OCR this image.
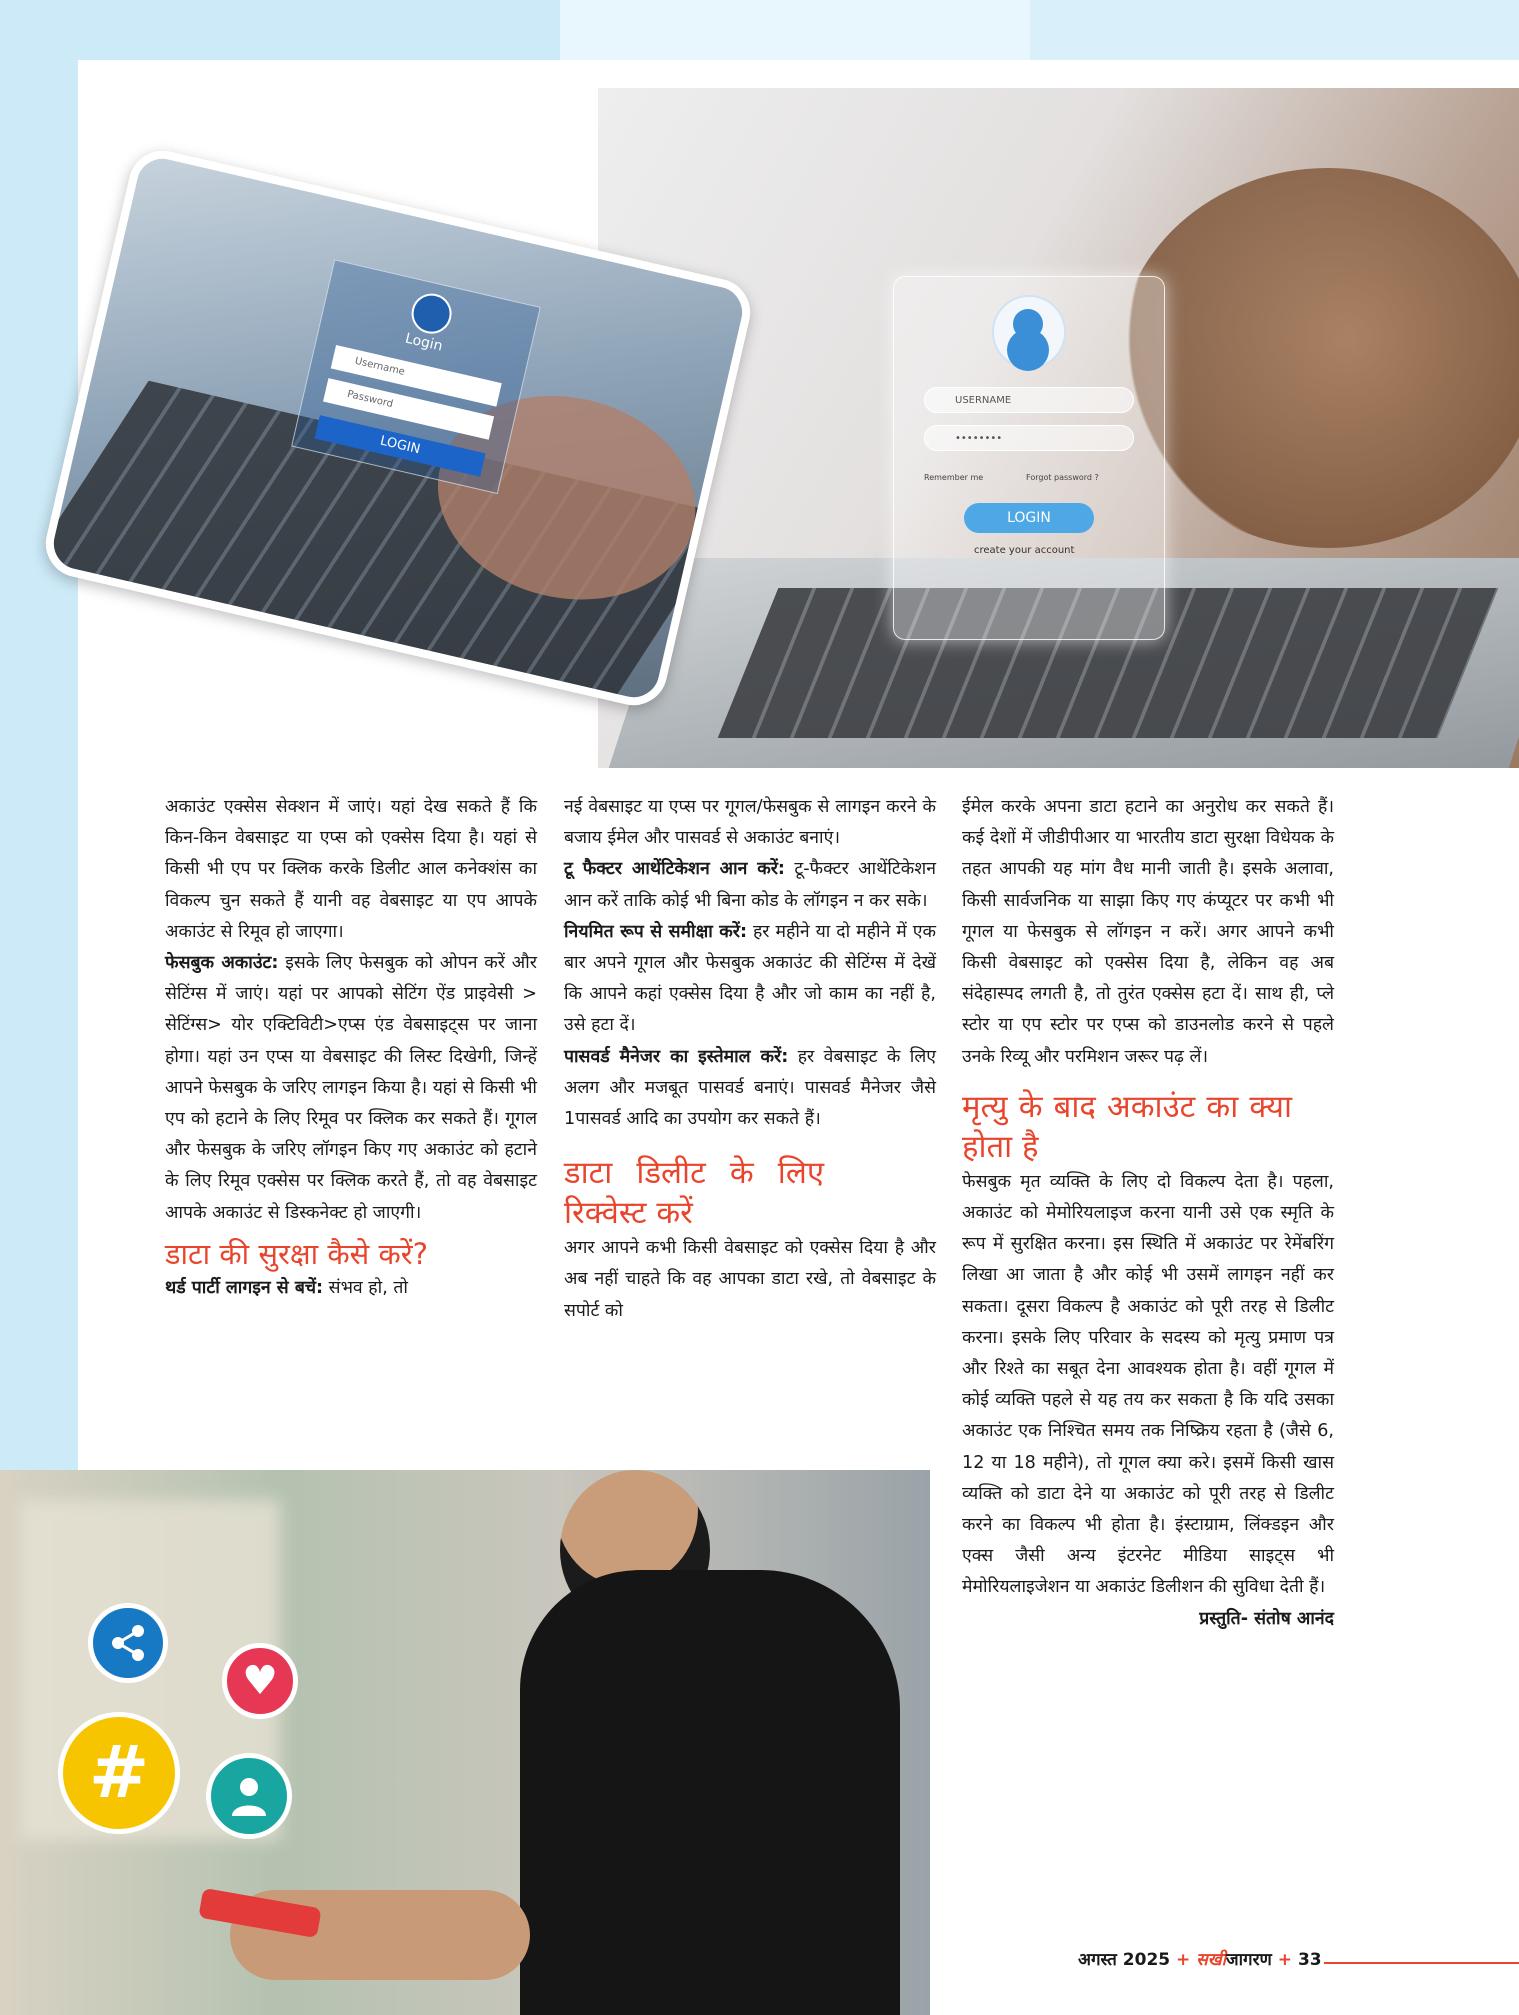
USERNAME
••••••••
Remember me	Forgot password ?
LOGIN
create your account
Login
Username
Password
LOGIN

अकाउंट एक्सेस सेक्शन में जाएं। यहां देख सकते हैं कि किन-किन वेबसाइट या एप्स को एक्सेस दिया है। यहां से किसी भी एप पर क्लिक करके डिलीट आल कनेक्शंस का विकल्प चुन सकते हैं यानी वह वेबसाइट या एप आपके अकाउंट से रिमूव हो जाएगा।

फेसबुक अकाउंट: इसके लिए फेसबुक को ओपन करें और सेटिंग्स में जाएं। यहां पर आपको सेटिंग ऐंड प्राइवेसी > सेटिंग्स> योर एक्टिविटी>एप्स एंड वेबसाइट्स पर जाना होगा। यहां उन एप्स या वेबसाइट की लिस्ट दिखेगी, जिन्हें आपने फेसबुक के जरिए लागइन किया है। यहां से किसी भी एप को हटाने के लिए रिमूव पर क्लिक कर सकते हैं। गूगल और फेसबुक के जरिए लॉगइन किए गए अकाउंट को हटाने के लिए रिमूव एक्सेस पर क्लिक करते हैं, तो वह वेबसाइट आपके अकाउंट से डिस्कनेक्ट हो जाएगी।

डाटा की सुरक्षा कैसे करें?

थर्ड पार्टी लागइन से बचें: संभव हो, तो

नई वेबसाइट या एप्स पर गूगल/फेसबुक से लागइन करने के बजाय ईमेल और पासवर्ड से अकाउंट बनाएं।

टू फैक्टर आथेंटिकेशन आन करें: टू-फैक्टर आथेंटिकेशन आन करें ताकि कोई भी बिना कोड के लॉगइन न कर सके।

नियमित रूप से समीक्षा करें: हर महीने या दो महीने में एक बार अपने गूगल और फेसबुक अकाउंट की सेटिंग्स में देखें कि आपने कहां एक्सेस दिया है और जो काम का नहीं है, उसे हटा दें।

पासवर्ड मैनेजर का इस्तेमाल करें: हर वेबसाइट के लिए अलग और मजबूत पासवर्ड बनाएं। पासवर्ड मैनेजर जैसे 1पासवर्ड आदि का उपयोग कर सकते हैं।

डाटा डिलीट के लिए रिक्वेस्ट करें

अगर आपने कभी किसी वेबसाइट को एक्सेस दिया है और अब नहीं चाहते कि वह आपका डाटा रखे, तो वेबसाइट के सपोर्ट को

ईमेल करके अपना डाटा हटाने का अनुरोध कर सकते हैं। कई देशों में जीडीपीआर या भारतीय डाटा सुरक्षा विधेयक के तहत आपकी यह मांग वैध मानी जाती है। इसके अलावा, किसी सार्वजनिक या साझा किए गए कंप्यूटर पर कभी भी गूगल या फेसबुक से लॉगइन न करें। अगर आपने कभी किसी वेबसाइट को एक्सेस दिया है, लेकिन वह अब संदेहास्पद लगती है, तो तुरंत एक्सेस हटा दें। साथ ही, प्ले स्टोर या एप स्टोर पर एप्स को डाउनलोड करने से पहले उनके रिव्यू और परमिशन जरूर पढ़ लें।

मृत्यु के बाद अकाउंट का क्या होता है

फेसबुक मृत व्यक्ति के लिए दो विकल्प देता है। पहला, अकाउंट को मेमोरियलाइज करना यानी उसे एक स्मृति के रूप में सुरक्षित करना। इस स्थिति में अकाउंट पर रेमेंबरिंग लिखा आ जाता है और कोई भी उसमें लागइन नहीं कर सकता। दूसरा विकल्प है अकाउंट को पूरी तरह से डिलीट करना। इसके लिए परिवार के सदस्य को मृत्यु प्रमाण पत्र और रिश्ते का सबूत देना आवश्यक होता है। वहीं गूगल में कोई व्यक्ति पहले से यह तय कर सकता है कि यदि उसका अकाउंट एक निश्चित समय तक निष्क्रिय रहता है (जैसे 6, 12 या 18 महीने), तो गूगल क्या करे। इसमें किसी खास व्यक्ति को डाटा देने या अकाउंट को पूरी तरह से डिलीट करने का विकल्प भी होता है। इंस्टाग्राम, लिंक्डइन और एक्स जैसी अन्य इंटरनेट मीडिया साइट्स भी मेमोरियलाइजेशन या अकाउंट डिलीशन की सुविधा देती हैं।

प्रस्तुति- संतोष आनंद

♥
#
अगस्त 2025 + सखीजागरण + 33
